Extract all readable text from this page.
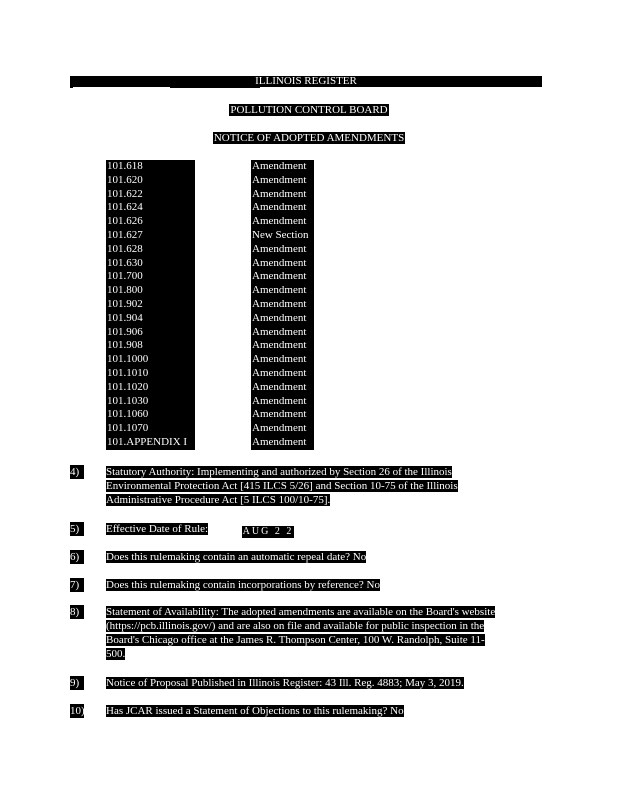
ILLINOIS REGISTER
POLLUTION CONTROL BOARD
NOTICE OF ADOPTED AMENDMENTS
101.618	Amendment
101.620	Amendment
101.622	Amendment
101.624	Amendment
101.626	Amendment
101.627	New Section
101.628	Amendment
101.630	Amendment
101.700	Amendment
101.800	Amendment
101.902	Amendment
101.904	Amendment
101.906	Amendment
101.908	Amendment
101.1000	Amendment
101.1010	Amendment
101.1020	Amendment
101.1030	Amendment
101.1060	Amendment
101.1070	Amendment
101.APPENDIX I	Amendment
4)	Statutory Authority: Implementing and authorized by Section 26 of the Illinois
Environmental Protection Act [415 ILCS 5/26] and Section 10-75 of the Illinois
Administrative Procedure Act [5 ILCS 100/10-75].
5)	Effective Date of Rule:	AUG 2 2 19
6)	Does this rulemaking contain an automatic repeal date? No
7)	Does this rulemaking contain incorporations by reference? No
8)	Statement of Availability: The adopted amendments are available on the Board's website
(https://pcb.illinois.gov/) and are also on file and available for public inspection in the
Board's Chicago office at the James R. Thompson Center, 100 W. Randolph, Suite 11-
500.
9)	Notice of Proposal Published in Illinois Register: 43 Ill. Reg. 4883; May 3, 2019.
10) Has JCAR issued a Statement of Objections to this rulemaking? No
